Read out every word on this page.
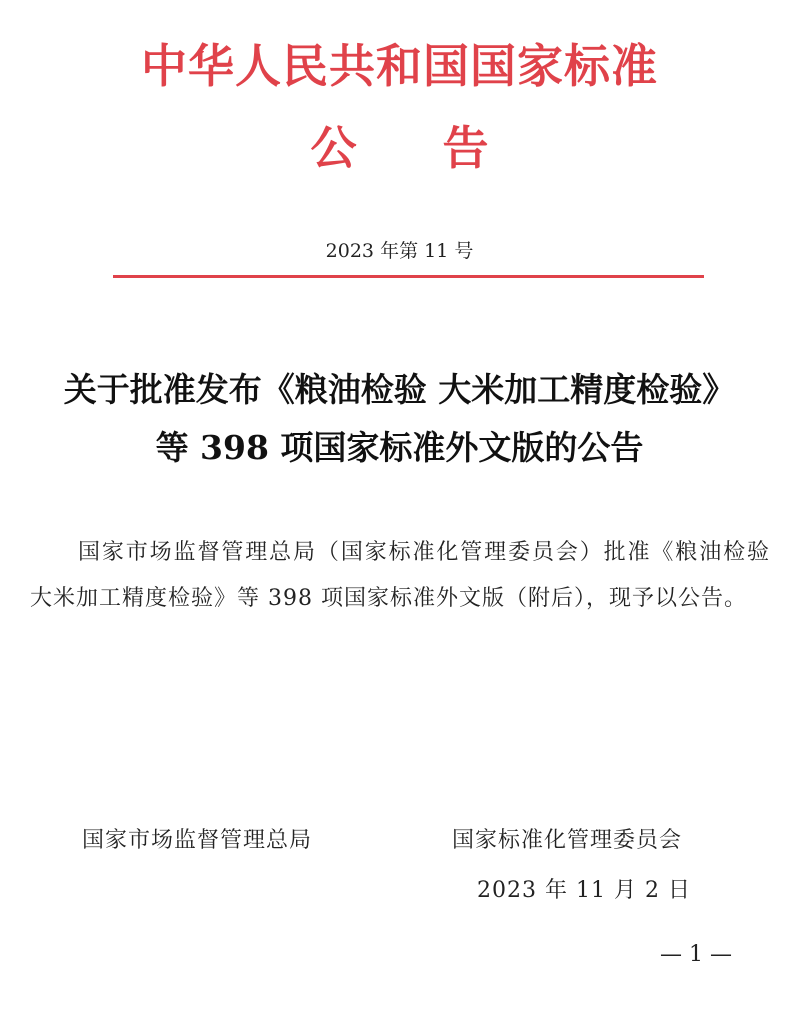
中华人民共和国国家标准
公告
2023 年第 11 号
关于批准发布《粮油检验 大米加工精度检验》
等 398 项国家标准外文版的公告
国家市场监督管理总局（国家标准化管理委员会）批准《粮油检验 大米加工精度检验》等 398 项国家标准外文版（附后），现予以公告。
国家市场监督管理总局	国家标准化管理委员会
2023 年 11 月 2 日
— 1 —
